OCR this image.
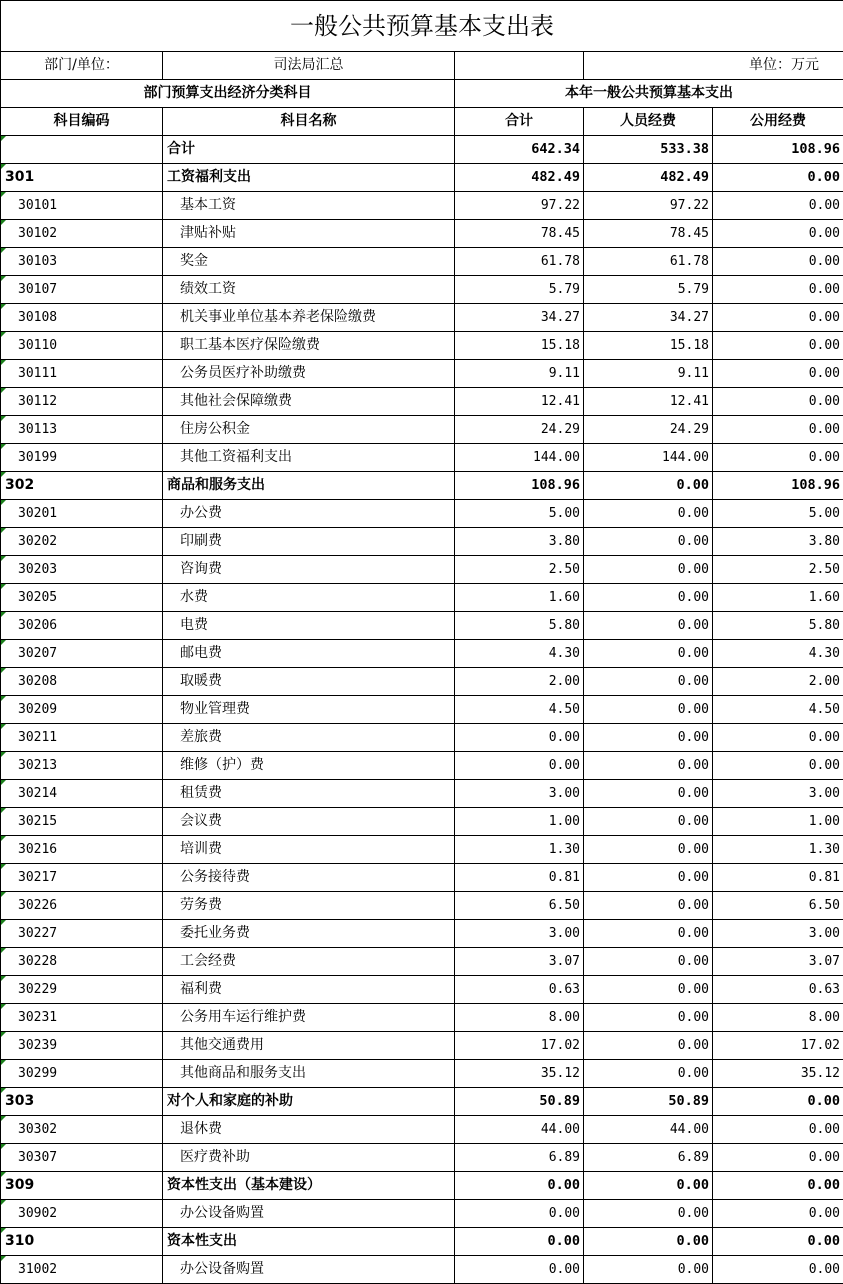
一般公共预算基本支出表				
部门/单位：	司法局汇总		单位：万元	
部门预算支出经济分类科目		本年一般公共预算基本支出		
科目编码	科目名称	合计	人员经费	公用经费
	合计	642.34	533.38	108.96
301	工资福利支出	482.49	482.49	0.00
30101	基本工资	97.22	97.22	0.00
30102	津贴补贴	78.45	78.45	0.00
30103	奖金	61.78	61.78	0.00
30107	绩效工资	5.79	5.79	0.00
30108	机关事业单位基本养老保险缴费	34.27	34.27	0.00
30110	职工基本医疗保险缴费	15.18	15.18	0.00
30111	公务员医疗补助缴费	9.11	9.11	0.00
30112	其他社会保障缴费	12.41	12.41	0.00
30113	住房公积金	24.29	24.29	0.00
30199	其他工资福利支出	144.00	144.00	0.00
302	商品和服务支出	108.96	0.00	108.96
30201	办公费	5.00	0.00	5.00
30202	印刷费	3.80	0.00	3.80
30203	咨询费	2.50	0.00	2.50
30205	水费	1.60	0.00	1.60
30206	电费	5.80	0.00	5.80
30207	邮电费	4.30	0.00	4.30
30208	取暖费	2.00	0.00	2.00
30209	物业管理费	4.50	0.00	4.50
30211	差旅费	0.00	0.00	0.00
30213	维修（护）费	0.00	0.00	0.00
30214	租赁费	3.00	0.00	3.00
30215	会议费	1.00	0.00	1.00
30216	培训费	1.30	0.00	1.30
30217	公务接待费	0.81	0.00	0.81
30226	劳务费	6.50	0.00	6.50
30227	委托业务费	3.00	0.00	3.00
30228	工会经费	3.07	0.00	3.07
30229	福利费	0.63	0.00	0.63
30231	公务用车运行维护费	8.00	0.00	8.00
30239	其他交通费用	17.02	0.00	17.02
30299	其他商品和服务支出	35.12	0.00	35.12
303	对个人和家庭的补助	50.89	50.89	0.00
30302	退休费	44.00	44.00	0.00
30307	医疗费补助	6.89	6.89	0.00
309	资本性支出（基本建设）	0.00	0.00	0.00
30902	办公设备购置	0.00	0.00	0.00
310	资本性支出	0.00	0.00	0.00
31002	办公设备购置	0.00	0.00	0.00
